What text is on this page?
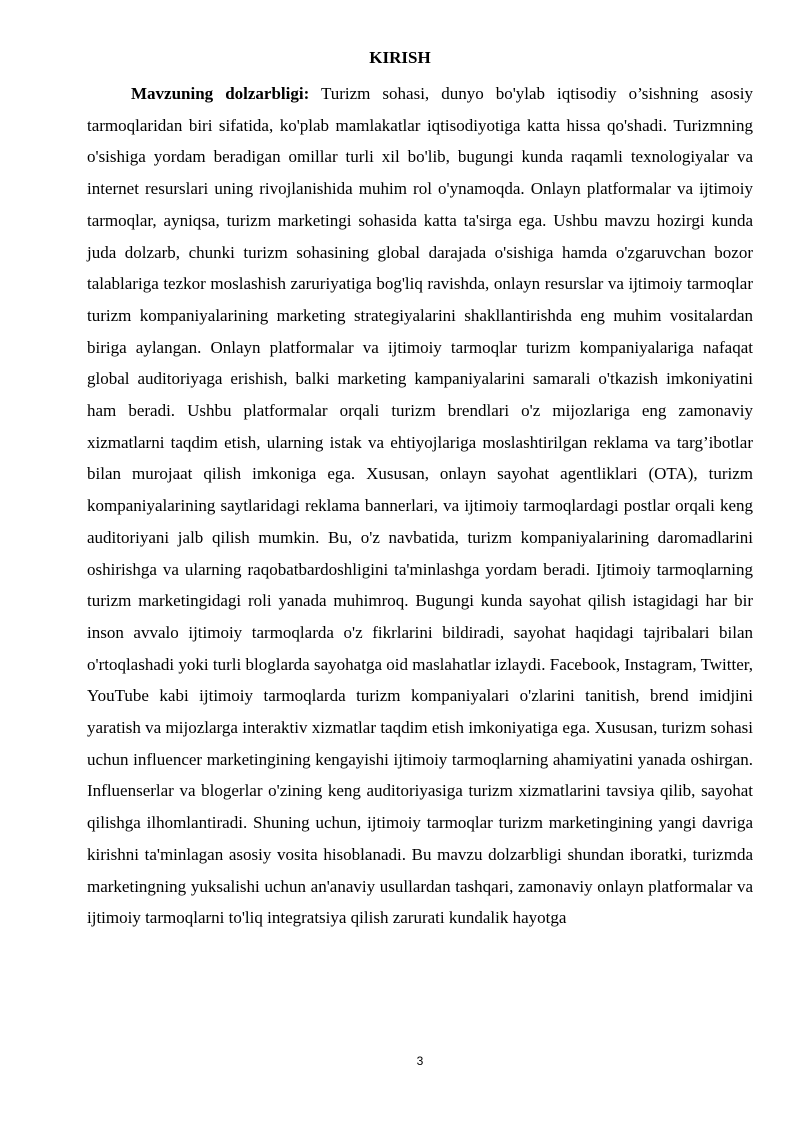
KIRISH

Mavzuning dolzarbligi: Turizm sohasi, dunyo bo'ylab iqtisodiy o’sishning asosiy tarmoqlaridan biri sifatida, ko'plab mamlakatlar iqtisodiyotiga katta hissa qo'shadi. Turizmning o'sishiga yordam beradigan omillar turli xil bo'lib, bugungi kunda raqamli texnologiyalar va internet resurslari uning rivojlanishida muhim rol o'ynamoqda. Onlayn platformalar va ijtimoiy tarmoqlar, ayniqsa, turizm marketingi sohasida katta ta'sirga ega. Ushbu mavzu hozirgi kunda juda dolzarb, chunki turizm sohasining global darajada o'sishiga hamda o'zgaruvchan bozor talablariga tezkor moslashish zaruriyatiga bog'liq ravishda, onlayn resurslar va ijtimoiy tarmoqlar turizm kompaniyalarining marketing strategiyalarini shakllantirishda eng muhim vositalardan biriga aylangan. Onlayn platformalar va ijtimoiy tarmoqlar turizm kompaniyalariga nafaqat global auditoriyaga erishish, balki marketing kampaniyalarini samarali o'tkazish imkoniyatini ham beradi. Ushbu platformalar orqali turizm brendlari o'z mijozlariga eng zamonaviy xizmatlarni taqdim etish, ularning istak va ehtiyojlariga moslashtirilgan reklama va targ’ibotlar bilan murojaat qilish imkoniga ega. Xususan, onlayn sayohat agentliklari (OTA), turizm kompaniyalarining saytlaridagi reklama bannerlari, va ijtimoiy tarmoqlardagi postlar orqali keng auditoriyani jalb qilish mumkin. Bu, o'z navbatida, turizm kompaniyalarining daromadlarini oshirishga va ularning raqobatbardoshligini ta'minlashga yordam beradi. Ijtimoiy tarmoqlarning turizm marketingidagi roli yanada muhimroq. Bugungi kunda sayohat qilish istagidagi har bir inson avvalo ijtimoiy tarmoqlarda o'z fikrlarini bildiradi, sayohat haqidagi tajribalari bilan o'rtoqlashadi yoki turli bloglarda sayohatga oid maslahatlar izlaydi. Facebook, Instagram, Twitter, YouTube kabi ijtimoiy tarmoqlarda turizm kompaniyalari o'zlarini tanitish, brend imidjini yaratish va mijozlarga interaktiv xizmatlar taqdim etish imkoniyatiga ega. Xususan, turizm sohasi uchun influencer marketingining kengayishi ijtimoiy tarmoqlarning ahamiyatini yanada oshirgan. Influenserlar va blogerlar o'zining keng auditoriyasiga turizm xizmatlarini tavsiya qilib, sayohat qilishga ilhomlantiradi. Shuning uchun, ijtimoiy tarmoqlar turizm marketingining yangi davriga kirishni ta'minlagan asosiy vosita hisoblanadi. Bu mavzu dolzarbligi shundan iboratki, turizmda marketingning yuksalishi uchun an'anaviy usullardan tashqari, zamonaviy onlayn platformalar va ijtimoiy tarmoqlarni to'liq integratsiya qilish zarurati kundalik hayotga

3
